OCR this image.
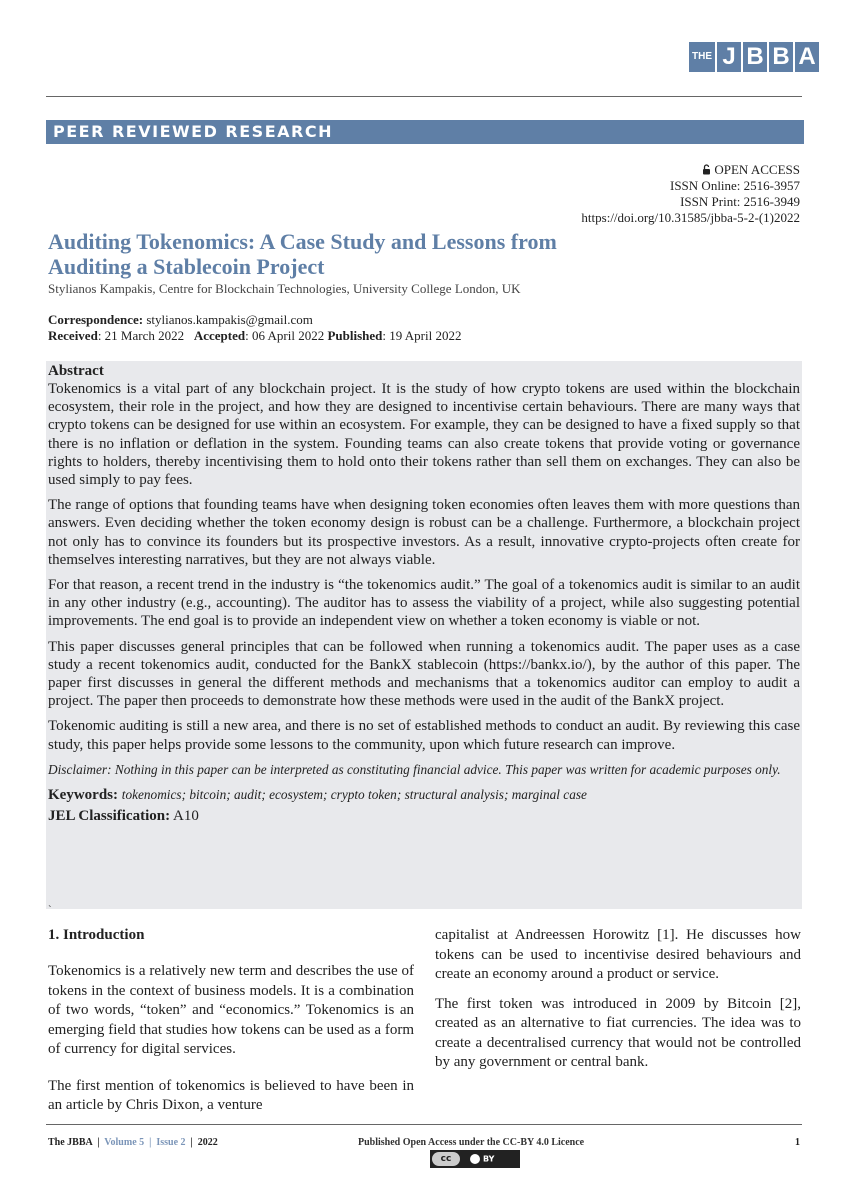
THE J B B A
PEER REVIEWED RESEARCH
OPEN ACCESS
ISSN Online: 2516-3957
ISSN Print: 2516-3949
https://doi.org/10.31585/jbba-5-2-(1)2022
Auditing Tokenomics: A Case Study and Lessons from Auditing a Stablecoin Project
Stylianos Kampakis, Centre for Blockchain Technologies, University College London, UK
Correspondence: stylianos.kampakis@gmail.com
Received: 21 March 2022 Accepted: 06 April 2022 Published: 19 April 2022
Abstract

Tokenomics is a vital part of any blockchain project. It is the study of how crypto tokens are used within the blockchain ecosystem, their role in the project, and how they are designed to incentivise certain behaviours. There are many ways that crypto tokens can be designed for use within an ecosystem. For example, they can be designed to have a fixed supply so that there is no inflation or deflation in the system. Founding teams can also create tokens that provide voting or governance rights to holders, thereby incentivising them to hold onto their tokens rather than sell them on exchanges. They can also be used simply to pay fees.

The range of options that founding teams have when designing token economies often leaves them with more questions than answers. Even deciding whether the token economy design is robust can be a challenge. Furthermore, a blockchain project not only has to convince its founders but its prospective investors. As a result, innovative crypto-projects often create for themselves interesting narratives, but they are not always viable.

For that reason, a recent trend in the industry is “the tokenomics audit.” The goal of a tokenomics audit is similar to an audit in any other industry (e.g., accounting). The auditor has to assess the viability of a project, while also suggesting potential improvements. The end goal is to provide an independent view on whether a token economy is viable or not.

This paper discusses general principles that can be followed when running a tokenomics audit. The paper uses as a case study a recent tokenomics audit, conducted for the BankX stablecoin (https://bankx.io/), by the author of this paper. The paper first discusses in general the different methods and mechanisms that a tokenomics auditor can employ to audit a project. The paper then proceeds to demonstrate how these methods were used in the audit of the BankX project.

Tokenomic auditing is still a new area, and there is no set of established methods to conduct an audit. By reviewing this case study, this paper helps provide some lessons to the community, upon which future research can improve.

Disclaimer: Nothing in this paper can be interpreted as constituting financial advice. This paper was written for academic purposes only.

Keywords: tokenomics; bitcoin; audit; ecosystem; crypto token; structural analysis; marginal case

JEL Classification: A10

`
1. Introduction

Tokenomics is a relatively new term and describes the use of tokens in the context of business models. It is a combination of two words, “token” and “economics.” Tokenomics is an emerging field that studies how tokens can be used as a form of currency for digital services.

The first mention of tokenomics is believed to have been in an article by Chris Dixon, a venture

capitalist at Andreessen Horowitz [1]. He discusses how tokens can be used to incentivise desired behaviours and create an economy around a product or service.

The first token was introduced in 2009 by Bitcoin [2], created as an alternative to fiat currencies. The idea was to create a decentralised currency that would not be controlled by any government or central bank.

The JBBA | Volume 5 | Issue 2 | 2022	Published Open Access under the CC-BY 4.0 Licence	1
cc	BY
